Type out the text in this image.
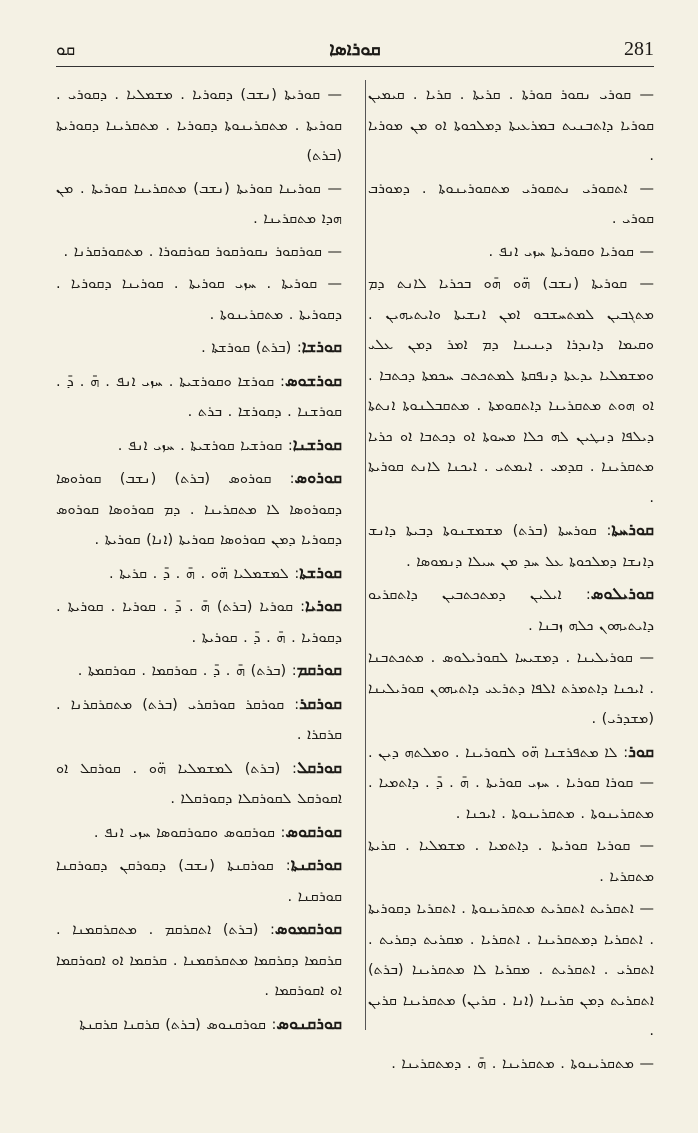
ܩܘ	ܩܘܪܐܣܐ	281

— ܩܘܪܝ ܢܩܘܪ ܩܘܪܬܐ . ܩܪܝܬܐ . ܩܪܝܐ . ܩܝܡܝܢ ܩܘܪܝܐ ܕܐܬܒܢܝܬ ܒܡܪܥܝܬܐ ܕܡܠܟܘܬܐ ܐܘ ܡܢ ܡܘܪܝܐ .

— ܐܬܩܘܪܝ ܢܬܩܘܪܝ ܡܬܩܘܪܝܢܘܬܐ . ܕܡܘܪܒ ܩܘܪܝ .

— ܩܘܪܝܐ ܘܩܘܪܝܬܐ ܚܙܝ ܐܢܦ .

— ܩܘܪܝܬܐ (ܢܫܒ) ܗ̈ܘ ܗ̄ܘ ܒܟܪܝܐ ܠܐܢܬ ܕܡ ܡܬܓܒܝܢ ܠܡܬܚܫܒܘ ܐܡܢ ܐܢܫܝܬܐ ܘܐܝܬܝܗܝܢ . ܘܩܝܡܐ ܕܐܢܕܪܐ ܕܝܢܝܢܐ ܕܡ ܐܡܪ ܕܡܢ ܥܠܝ ܘܡܫܡܠܝܐ ܝܕܥܬܐ ܕܢܦܩܬܐ ܠܡܬܟܬܒ ܚܟܡܬܐ ܕܟܬܒܐ . ܐܘ ܗܘܬ ܡܬܩܪܝܢܐ ܕܐܬܩܘܡܬܐ . ܡܬܩܒܠܢܘܬܐ ܐܢܬܬܐ ܕܝܠܦܐ ܕܢܛܝܢ ܠܗ ܟܠܐ ܡܚܘܬܐ ܐܘ ܕܟܬܒܐ ܐܘ ܟܪܝܐ ܡܬܩܪܝܢܐ . ܩܕܡܝ . ܐܝܡܬܝ . ܐܝܟܢܐ ܠܐܢܬ ܩܘܪܝܬܐ .

ܩܘܪܚܬܐ: ܩܘܪܚܬܐ (ܒܪܬ) ܡܫܡܫܢܘܬܐ ܕܒܝܬܐ ܕܐܢܫ ܕܐܢܫܐ ܕܡܠܟܘܬܐ ܥܠ ܚܕ ܡܢ ܚܝܠܐ ܕܢܡܘܣܐ .

ܩܘܪܝܠܘܣ: ܐܝܠܝܢ ܕܡܬܟܬܒܝܢ ܕܐܬܩܪܝܘ ܕܐܝܬܝܗܘܢ ܟܠܗ ܙܒܢܐ .

— ܩܘܪܝܠܝܢܐ . ܕܡܫܝܚܐ ܠܩܘܪܝܠܘܣ . ܡܬܟܬܒܢܐ . ܐܝܟܢܐ ܕܐܬܡܪܬ ܐܠܦܐ ܕܬܪܥܝ ܕܐܬܝܗܘܢ ܩܘܪܝܠܝܢܐ (ܡܫܕܪܝ) .

ܩܘܪ: ܠܐ ܡܬܦܪܫܢܐ ܗ̈ܘ ܠܩܘܪܝܢܐ . ܘܡܠܬܗ ܕܝܢ . — ܩܘܪܐ ܩܘܪܝܐ . ܚܙܝ ܩܘܪܝܬܐ . ܗ̄ . ܕ̄ . ܕܐܬܡܝܐ . ܡܬܩܪܝܢܘܬܐ . ܡܬܩܪܝܢܘܬܐ . ܐܝܟܢܐ .

— ܩܘܪܝܐ ܩܘܪܝܬܐ . ܕܐܬܡܝܐ . ܡܫܡܠܝܐ . ܩܪܝܬܐ ܡܬܩܪܝܐ .

— ܐܬܩܪܝܬ ܐܬܩܪܝܬ ܡܬܩܪܝܢܘܬܐ . ܐܬܩܪܝܐ ܕܩܘܪܝܬܐ . ܐܬܩܪܝܐ ܕܡܬܩܪܝܢܐ . ܐܬܩܪܝܐ . ܡܩܪܝܬ ܕܩܪܝܬ . ܐܬܩܪܝ . ܐܬܩܪܝܬ . ܡܩܪܝܐ ܠܐ ܡܬܩܪܝܢܐ (ܒܪܬ) ܐܬܩܪܝܬ ܕܡܢ ܩܪܝܢܐ (ܐܢܐ . ܩܪܝܢ) ܡܬܩܪܝܢܐ ܩܪܝܢ .

— ܡܬܩܪܝܢܘܬܐ . ܡܬܩܪܝܢܐ . ܗ̄ . ܕܡܬܩܪܝܢܐ .

— ܩܘܪܝܬܐ (ܢܫܒ) ܕܩܘܪܝܐ . ܡܫܡܠܝܐ . ܕܩܘܪܝ . ܩܘܪܝܬܐ . ܡܬܩܪܝܢܘܬܐ ܕܩܘܪܝܐ . ܡܬܩܪܝܢܐ ܕܩܘܪܝܬܐ (ܒܪܬ)

— ܩܘܪܝܢܐ ܩܘܪܝܬܐ (ܢܫܒ) ܡܬܩܪܝܢܐ ܩܘܪܝܬܐ . ܡܢ ܗܕܐ ܡܬܩܪܝܢܐ .

— ܩܘܪܩܘܪ ܢܩܘܪܩܘܪ ܩܘܪܩܘܪܐ . ܡܬܩܘܪܩܪܢܐ .

— ܩܘܪܝܬܐ . ܚܙܝ ܩܘܪܝܬܐ . ܩܘܪܝܢܐ ܕܩܘܪܝܐ . ܕܩܘܪܝܬܐ . ܡܬܩܪܝܢܘܬܐ .

ܩܘܪܫܐ: (ܒܪܬ) ܩܘܪܫܬܐ .

ܩܘܪܫܘܣ: ܩܘܪܫܐ ܘܩܘܪܫܝܬܐ . ܚܙܝ ܐܢܦ . ܗ̄ . ܕ̄ . ܩܘܪܫܢܐ . ܕܩܘܪܫܐ . ܒܪܬ .

ܩܘܪܫܢܐ: ܩܘܪܫܝܐ ܩܘܪܫܝܬܐ . ܚܙܝ ܐܢܦ .

ܩܘܪܘܣ: ܩܘܪܘܣ (ܒܪܬ) (ܢܫܒ) ܩܘܪܘܣܐ ܕܩܘܪܘܣܐ ܠܐ ܡܬܩܪܝܢܐ . ܕܡ ܩܘܪܘܣܐ ܩܘܪܘܣ ܕܩܘܪܝܐ ܕܡܢ ܩܘܪܘܣܐ ܩܘܪܝܬܐ (ܐܢܐ) ܩܘܪܝܬܐ .

ܩܘܪܫܬܐ: ܠܡܫܡܠܝܐ ܗ̈ܘ . ܗ̄ . ܕ̄ . ܩܪܝܬܐ .

ܩܘܪܝܐ: ܩܘܪܝܐ (ܒܪܬ) ܗ̄ . ܕ̄ . ܩܘܪܝܐ . ܩܘܪܝܬܐ . ܕܩܘܪܝܐ . ܗ̄ . ܕ̄ . ܩܘܪܝܬܐ .

ܩܘܪܩܡ: (ܒܪܬ) ܗ̄ . ܕ̄ . ܩܘܪܩܡܐ . ܩܘܪܩܡܬܐ .

ܩܘܪܩܪ: ܩܘܪܩܪ ܩܘܪܩܪܝ (ܒܪܬ) ܡܬܩܪܩܪܢܐ . ܩܪܩܪܐ .

ܩܘܪܩܠ: (ܒܪܬ) ܠܡܫܡܠܝܐ ܗ̈ܘ . ܩܘܪܩܠ ܐܘ ܐܩܘܪܩܠ ܠܩܘܪܩܠܐ ܕܩܘܪܩܠܐ .

ܩܘܪܩܘܣ: ܩܘܪܩܘܣ ܘܩܘܪܩܘܣܐ ܚܙܝ ܐܢܦ .

ܩܘܪܩܢܬܐ: ܩܘܪܩܢܬܐ (ܢܫܒ) ܕܩܘܪܩܢ ܕܩܘܪܩܢܐ ܩܘܪܩܢܐ .

ܩܘܪܩܡܘܣ: (ܒܪܬ) ܐܬܩܪܩܡ . ܡܬܩܪܩܡܢܐ . ܩܪܩܡܐ ܕܩܪܩܡܐ ܡܬܩܪܩܡܢܐ . ܩܪܩܡܐ ܐܘ ܐܩܘܪܩܡܐ ܐܘ ܐܩܘܪܩܡܐ .

ܩܘܪܩܢܘܣ: ܩܘܪܩܢܘܣ (ܒܪܬ) ܩܪܩܢܐ ܩܪܩܢܬܐ
